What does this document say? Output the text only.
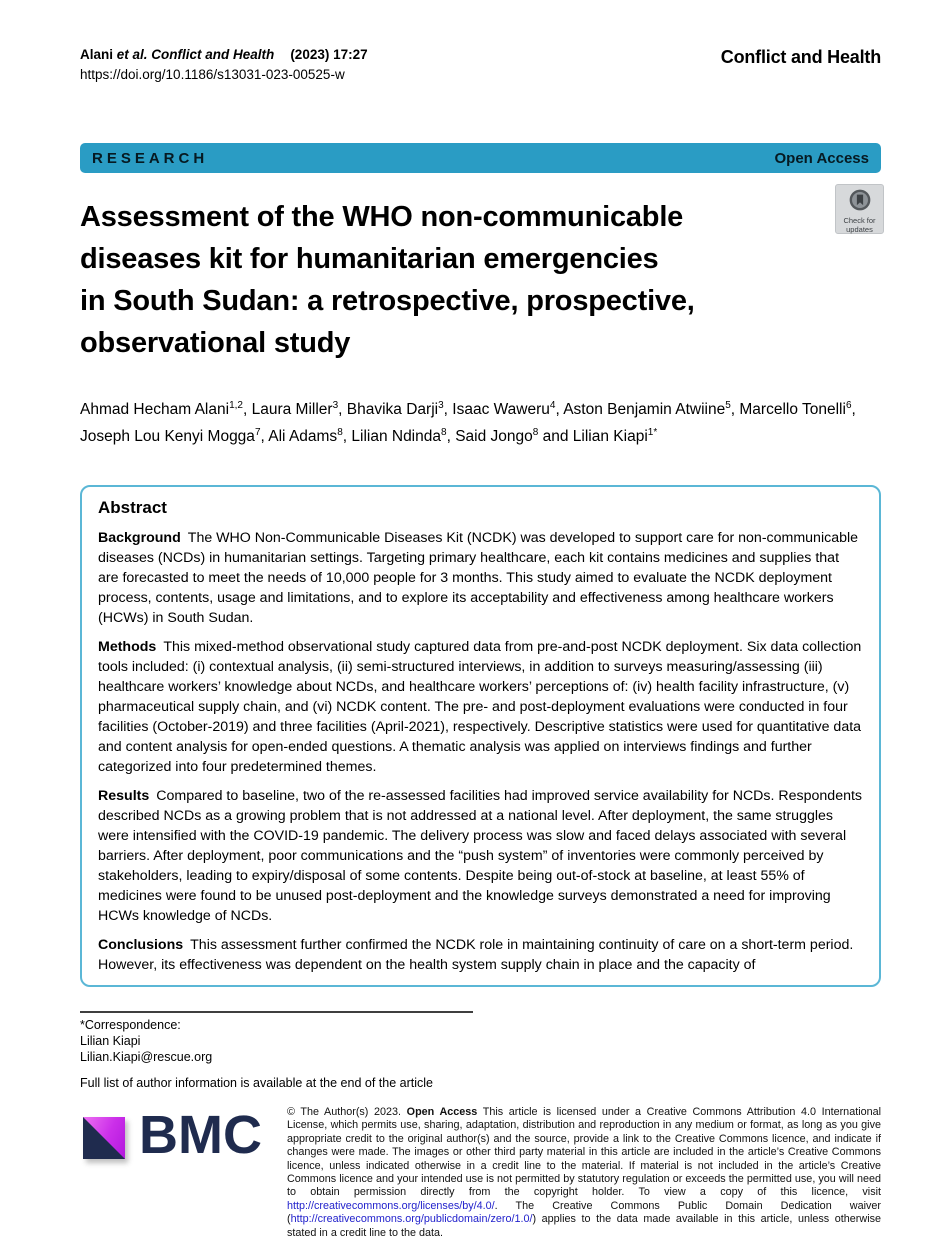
Alani et al. Conflict and Health (2023) 17:27
https://doi.org/10.1186/s13031-023-00525-w
Conflict and Health
RESEARCH	Open Access
Assessment of the WHO non-communicable
diseases kit for humanitarian emergencies
in South Sudan: a retrospective, prospective,
observational study
Check for
updates

Ahmad Hecham Alani$^{1,2}$, Laura Miller$^3$, Bhavika Darji$^3$, Isaac Waweru$^4$, Aston Benjamin Atwiine$^5$, Marcello Tonelli$^6$, Joseph Lou Kenyi Mogga$^7$, Ali Adams$^8$, Lilian Ndinda$^8$, Said Jongo$^8$ and Lilian Kiapi$^{1*}$

Abstract

Background The WHO Non-Communicable Diseases Kit (NCDK) was developed to support care for non-communicable diseases (NCDs) in humanitarian settings. Targeting primary healthcare, each kit contains medicines and supplies that are forecasted to meet the needs of 10,000 people for 3 months. This study aimed to evaluate the NCDK deployment process, contents, usage and limitations, and to explore its acceptability and effectiveness among healthcare workers (HCWs) in South Sudan.

Methods This mixed-method observational study captured data from pre-and-post NCDK deployment. Six data collection tools included: (i) contextual analysis, (ii) semi-structured interviews, in addition to surveys measuring/assessing (iii) healthcare workers’ knowledge about NCDs, and healthcare workers’ perceptions of: (iv) health facility infrastructure, (v) pharmaceutical supply chain, and (vi) NCDK content. The pre- and post-deployment evaluations were conducted in four facilities (October-2019) and three facilities (April-2021), respectively. Descriptive statistics were used for quantitative data and content analysis for open-ended questions. A thematic analysis was applied on interviews findings and further categorized into four predetermined themes.

Results Compared to baseline, two of the re-assessed facilities had improved service availability for NCDs. Respondents described NCDs as a growing problem that is not addressed at a national level. After deployment, the same struggles were intensified with the COVID-19 pandemic. The delivery process was slow and faced delays associated with several barriers. After deployment, poor communications and the “push system” of inventories were commonly perceived by stakeholders, leading to expiry/disposal of some contents. Despite being out-of-stock at baseline, at least 55% of medicines were found to be unused post-deployment and the knowledge surveys demonstrated a need for improving HCWs knowledge of NCDs.

Conclusions This assessment further confirmed the NCDK role in maintaining continuity of care on a short-term period. However, its effectiveness was dependent on the health system supply chain in place and the capacity of

*Correspondence:
Lilian Kiapi
Lilian.Kiapi@rescue.org
Full list of author information is available at the end of the article
BMC © The Author(s) 2023. Open Access This article is licensed under a Creative Commons Attribution 4.0 International License, which permits use, sharing, adaptation, distribution and reproduction in any medium or format, as long as you give appropriate credit to the original author(s) and the source, provide a link to the Creative Commons licence, and indicate if changes were made. The images or other third party material in this article are included in the article’s Creative Commons licence, unless indicated otherwise in a credit line to the material. If material is not included in the article’s Creative Commons licence and your intended use is not permitted by statutory regulation or exceeds the permitted use, you will need to obtain permission directly from the copyright holder. To view a copy of this licence, visit http://creativecommons.org/licenses/by/4.0/. The Creative Commons Public Domain Dedication waiver (http://creativecommons.org/publicdomain/zero/1.0/) applies to the data made available in this article, unless otherwise stated in a credit line to the data.
